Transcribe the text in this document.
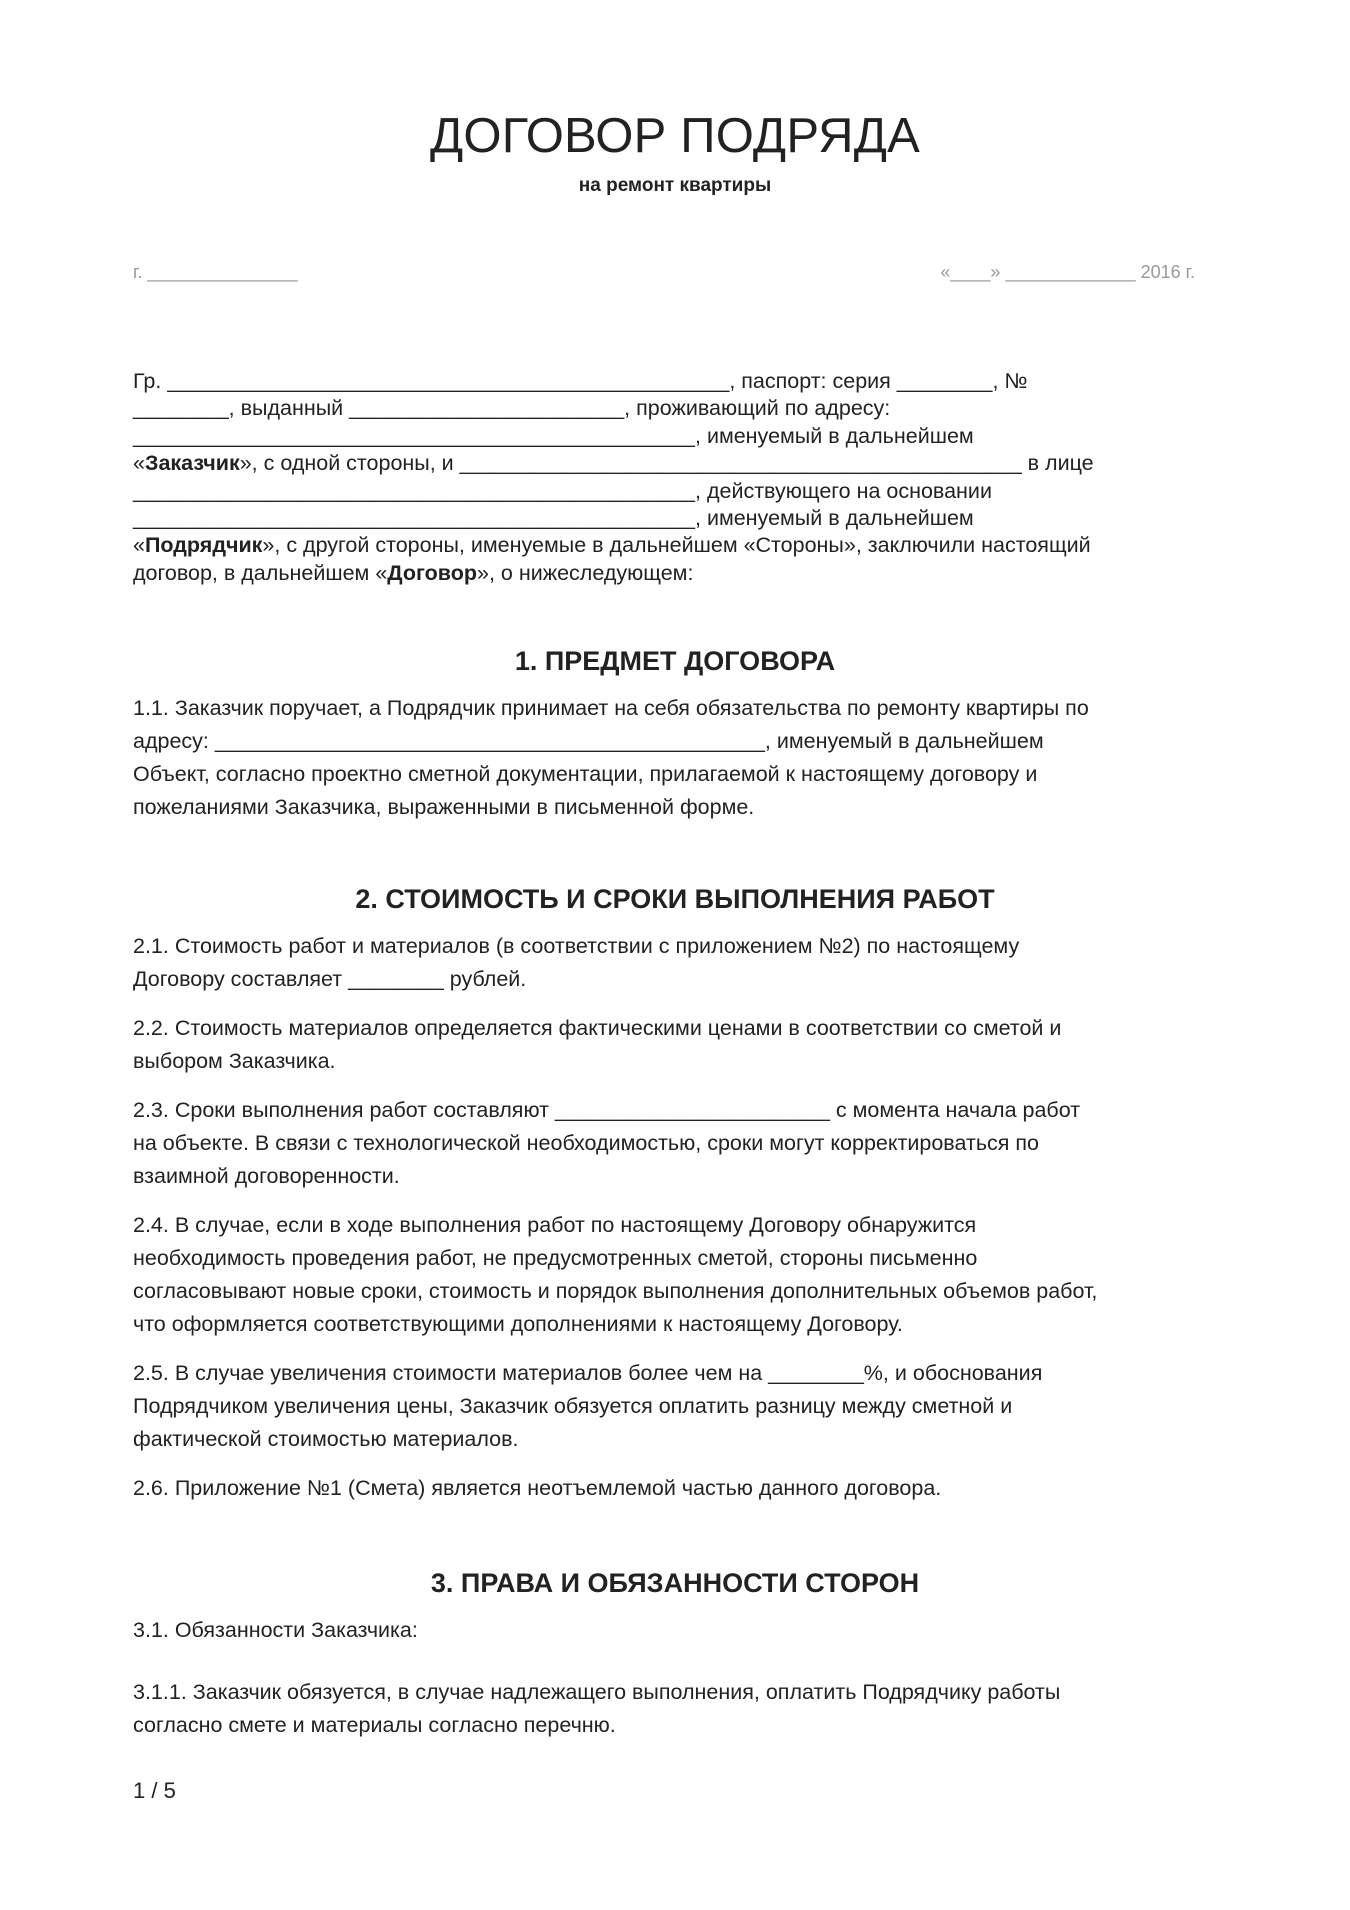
ДОГОВОР ПОДРЯДА
на ремонт квартиры
г. _______________	«____» _____________ 2016 г.
Гр. _______________________________________________, паспорт: серия ________, №
________, выданный _______________________, проживающий по адресу:
_______________________________________________, именуемый в дальнейшем
«Заказчик», с одной стороны, и _______________________________________________ в лице
_______________________________________________, действующего на основании
_______________________________________________, именуемый в дальнейшем
«Подрядчик», с другой стороны, именуемые в дальнейшем «Стороны», заключили настоящий
договор, в дальнейшем «Договор», о нижеследующем:
1. ПРЕДМЕТ ДОГОВОРА
1.1. Заказчик поручает, а Подрядчик принимает на себя обязательства по ремонту квартиры по
адресу: ______________________________________________, именуемый в дальнейшем
Объект, согласно проектно сметной документации, прилагаемой к настоящему договору и
пожеланиями Заказчика, выраженными в письменной форме.
2. СТОИМОСТЬ И СРОКИ ВЫПОЛНЕНИЯ РАБОТ
2.1. Стоимость работ и материалов (в соответствии с приложением №2) по настоящему
Договору составляет ________ рублей.
2.2. Стоимость материалов определяется фактическими ценами в соответствии со сметой и
выбором Заказчика.
2.3. Сроки выполнения работ составляют _______________________ с момента начала работ
на объекте. В связи с технологической необходимостью, сроки могут корректироваться по
взаимной договоренности.
2.4. В случае, если в ходе выполнения работ по настоящему Договору обнаружится
необходимость проведения работ, не предусмотренных сметой, стороны письменно
согласовывают новые сроки, стоимость и порядок выполнения дополнительных объемов работ,
что оформляется соответствующими дополнениями к настоящему Договору.
2.5. В случае увеличения стоимости материалов более чем на ________%, и обоснования
Подрядчиком увеличения цены, Заказчик обязуется оплатить разницу между сметной и
фактической стоимостью материалов.
2.6. Приложение №1 (Смета) является неотъемлемой частью данного договора.
3. ПРАВА И ОБЯЗАННОСТИ СТОРОН
3.1. Обязанности Заказчика:
3.1.1. Заказчик обязуется, в случае надлежащего выполнения, оплатить Подрядчику работы
согласно смете и материалы согласно перечню.
1 / 5
